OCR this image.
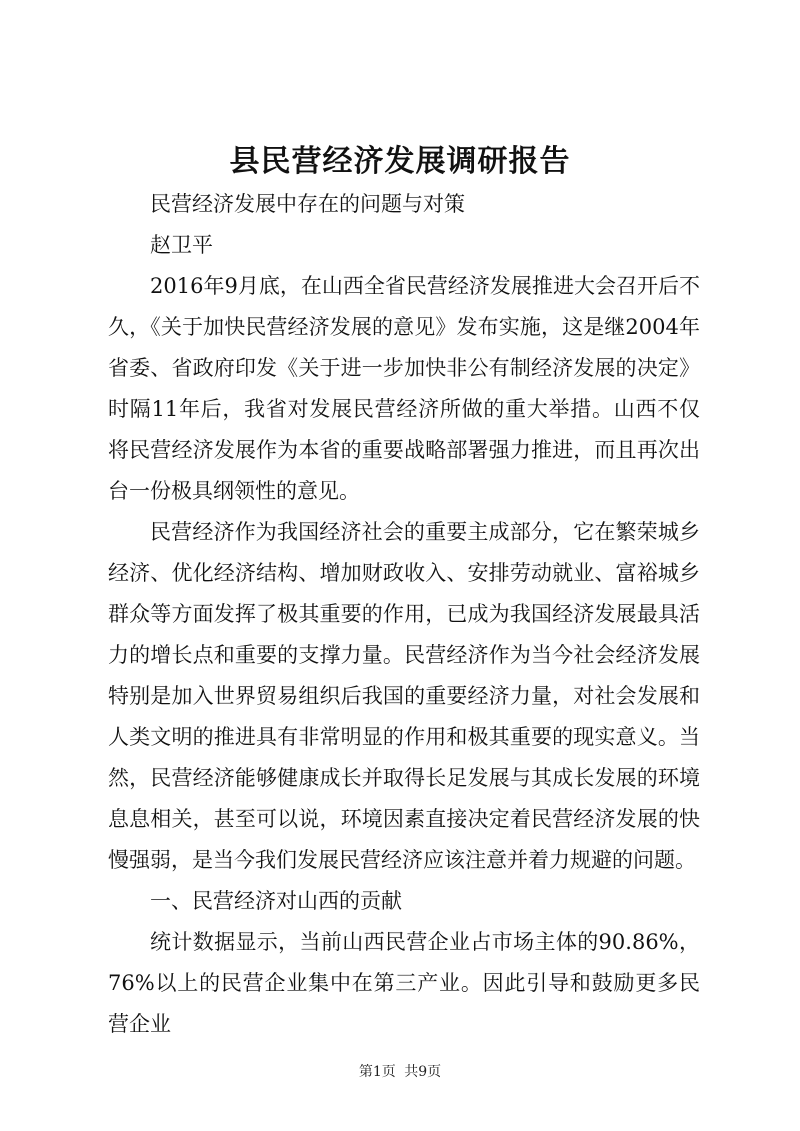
县民营经济发展调研报告

民营经济发展中存在的问题与对策

赵卫平

2016年9月底，在山西全省民营经济发展推进大会召开后不久，《关于加快民营经济发展的意见》发布实施，这是继2004年省委、省政府印发《关于进一步加快非公有制经济发展的决定》时隔11年后，我省对发展民营经济所做的重大举措。山西不仅将民营经济发展作为本省的重要战略部署强力推进，而且再次出台一份极具纲领性的意见。

民营经济作为我国经济社会的重要主成部分，它在繁荣城乡经济、优化经济结构、增加财政收入、安排劳动就业、富裕城乡群众等方面发挥了极其重要的作用，已成为我国经济发展最具活力的增长点和重要的支撑力量。民营经济作为当今社会经济发展特别是加入世界贸易组织后我国的重要经济力量，对社会发展和人类文明的推进具有非常明显的作用和极其重要的现实意义。当然，民营经济能够健康成长并取得长足发展与其成长发展的环境息息相关，甚至可以说，环境因素直接决定着民营经济发展的快慢强弱，是当今我们发展民营经济应该注意并着力规避的问题。

一、民营经济对山西的贡献

统计数据显示，当前山西民营企业占市场主体的90.86%，76%以上的民营企业集中在第三产业。因此引导和鼓励更多民营企业

第1页 共9页
